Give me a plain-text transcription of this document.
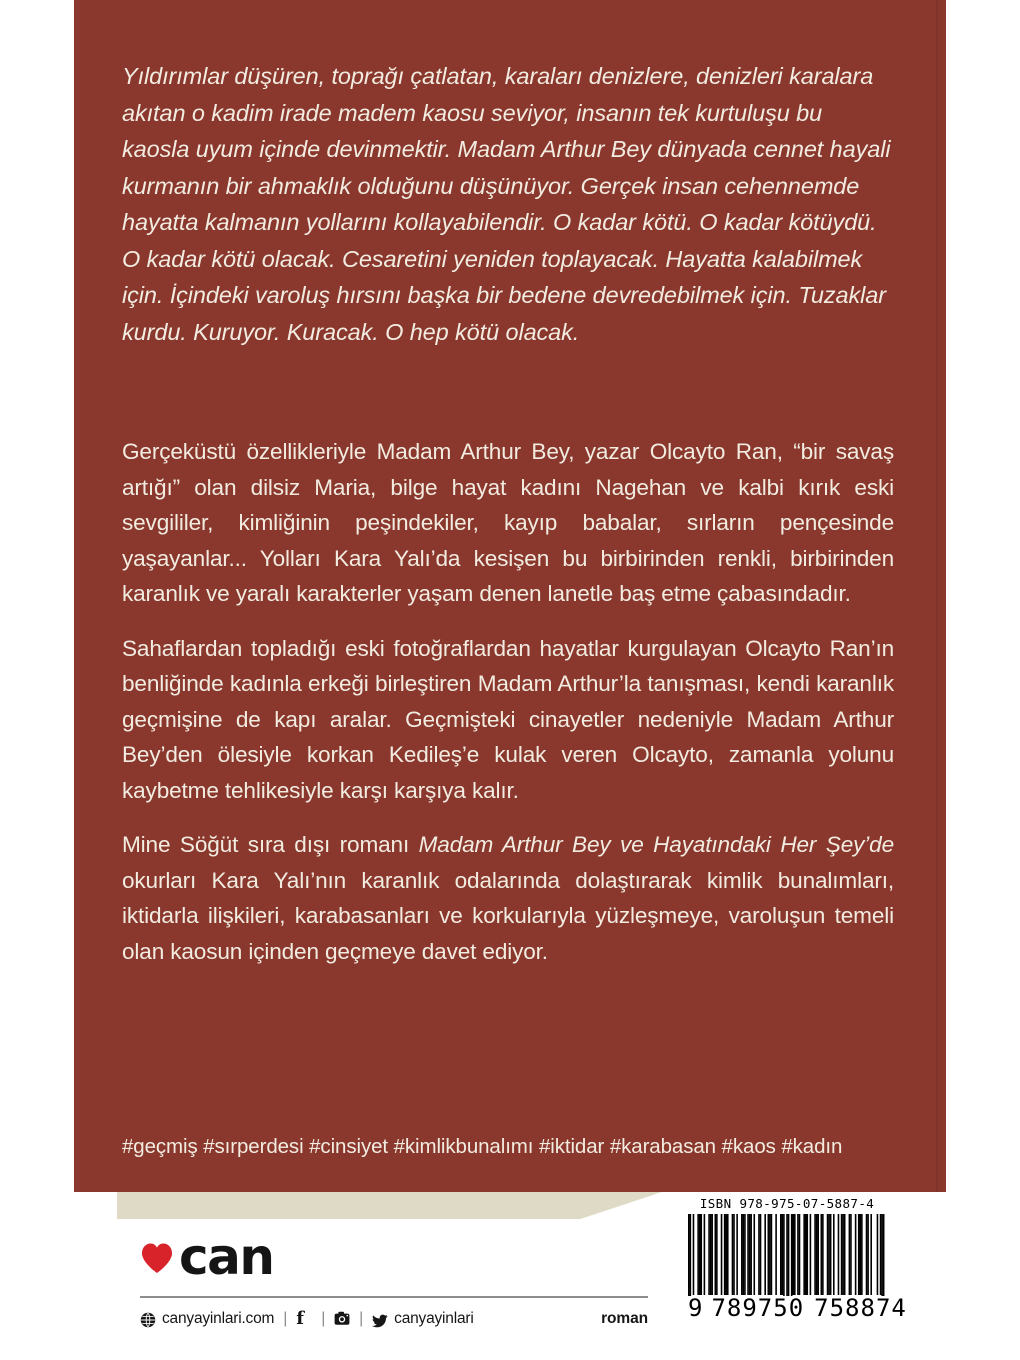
Yıldırımlar düşüren, toprağı çatlatan, karaları denizlere, denizleri karalara akıtan o kadim irade madem kaosu seviyor, insanın tek kurtuluşu bu kaosla uyum içinde devinmektir. Madam Arthur Bey dünyada cennet hayali kurmanın bir ahmaklık olduğunu düşünüyor. Gerçek insan cehennemde hayatta kalmanın yollarını kollayabilendir. O kadar kötü. O kadar kötüydü. O kadar kötü olacak. Cesaretini yeniden toplayacak. Hayatta kalabilmek için. İçindeki varoluş hırsını başka bir bedene devredebilmek için. Tuzaklar kurdu. Kuruyor. Kuracak. O hep kötü olacak.

Gerçeküstü özellikleriyle Madam Arthur Bey, yazar Olcayto Ran, “bir savaş artığı” olan dilsiz Maria, bilge hayat kadını Nagehan ve kalbi kırık eski sevgililer, kimliğinin peşindekiler, kayıp babalar, sırların pençesinde yaşayanlar... Yolları Kara Yalı’da kesişen bu birbirinden renkli, birbirinden karanlık ve yaralı karakterler yaşam denen lanetle baş etme çabasındadır.

Sahaflardan topladığı eski fotoğraflardan hayatlar kurgulayan Olcayto Ran’ın benliğinde kadınla erkeği birleştiren Madam Arthur’la tanışması, kendi karanlık geçmişine de kapı aralar. Geçmişteki cinayetler nedeniyle Madam Arthur Bey’den ölesiyle korkan Kedileş’e kulak veren Olcayto, zamanla yolunu kaybetme tehlikesiyle karşı karşıya kalır.

Mine Söğüt sıra dışı romanı Madam Arthur Bey ve Hayatındaki Her Şey’de okurları Kara Yalı’nın karanlık odalarında dolaştırarak kimlik bunalımları, iktidarla ilişkileri, karabasanları ve korkularıyla yüzleşmeye, varoluşun temeli olan kaosun içinden geçmeye davet ediyor.

#geçmiş #sırperdesi #cinsiyet #kimlikbunalımı #iktidar #karabasan #kaos #kadın
can
canyayinlari.com | f	| | canyayinlari	roman
ISBN 978-975-07-5887-4
9 789750 758874
